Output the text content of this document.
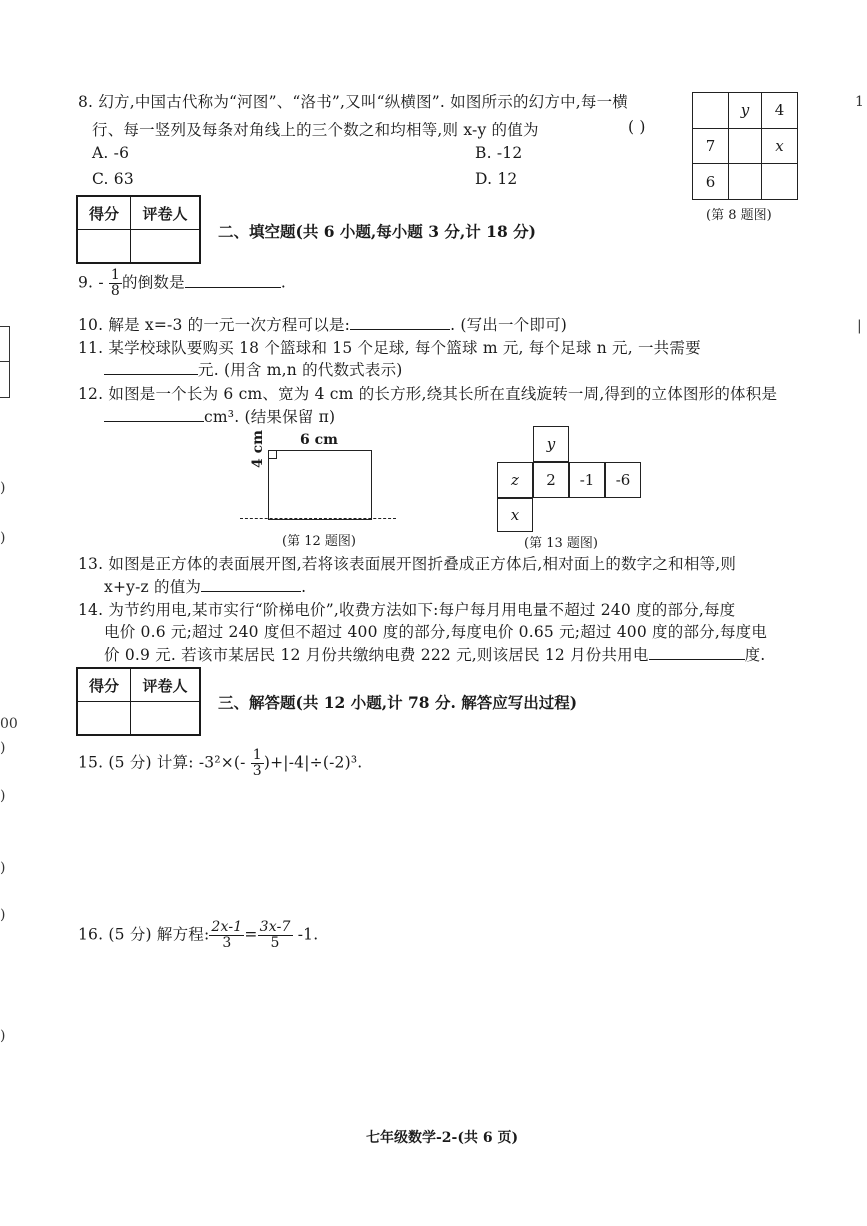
8. 幻方,中国古代称为“河图”、“洛书”,又叫“纵横图”. 如图所示的幻方中,每一横
行、每一竖列及每条对角线上的三个数之和均相等,则 x-y 的值为	( )
A. -6	B. -12
C. 63	D. 12
	y	4
7		x
6		
(第 8 题图)
得分	评卷人

二、填空题(共 6 小题,每小题 3 分,计 18 分)
9. - $\frac{1}{8}$ 的倒数是	.
10. 解是 x=-3 的一元一次方程可以是:	. (写出一个即可)
11. 某学校球队要购买 18 个篮球和 15 个足球, 每个篮球 m 元, 每个足球 n 元, 一共需要
元. (用含 m,n 的代数式表示)
12. 如图是一个长为 6 cm、宽为 4 cm 的长方形,绕其长所在直线旋转一周,得到的立体图形的体积是
cm³. (结果保留 π)
6 cm
4 cm
(第 12 题图)
y
z	2	-1	-6
x
(第 13 题图)
13. 如图是正方体的表面展开图,若将该表面展开图折叠成正方体后,相对面上的数字之和相等,则
x+y-z 的值为	.
14. 为节约用电,某市实行“阶梯电价”,收费方法如下:每户每月用电量不超过 240 度的部分,每度
电价 0.6 元;超过 240 度但不超过 400 度的部分,每度电价 0.65 元;超过 400 度的部分,每度电
价 0.9 元. 若该市某居民 12 月份共缴纳电费 222 元,则该居民 12 月份共用电	度.
得分	评卷人

三、解答题(共 12 小题,计 78 分. 解答应写出过程)
15. (5 分) 计算: $-3^2\times(- \frac{1}{3} )+|-4|\div(-2)^3$.
16. (5 分) 解方程: $\frac{2x-1}{3} = \frac{3x-7}{5} -1$.
七年级数学-2-(共 6 页)
)
)
00
)
)
)
)
)
1
|
